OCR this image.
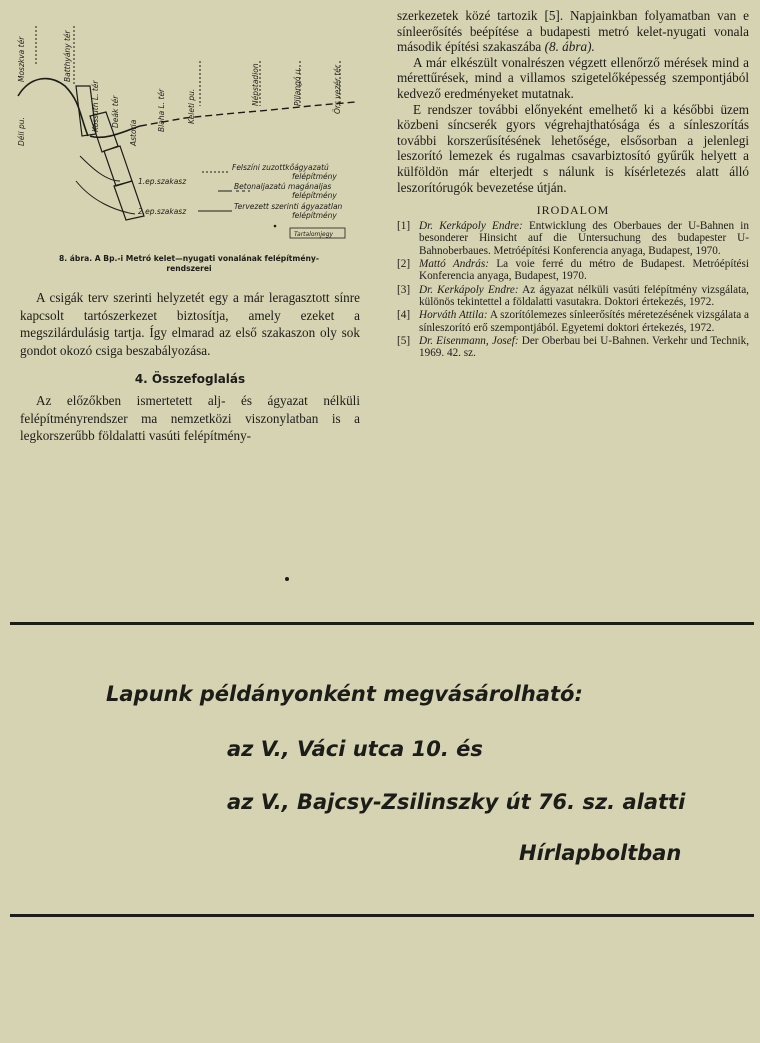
Déli pu.
Moszkva tér	Batthyány tér
Kossuth L. tér Deák tér
Astoria
Blaha L. tér	Keleti pu.
Népstadion	Pillangó u.	Örs vezér tér
1.ep.szakasz
2.ep.szakasz
Felszíni zuzottkőágyazatú
felépítmény
Betonaljazatú magánaljas
felépítmény
Tervezett szerinti ágyazatlan
felépítmény
Tartalomjegy
8. ábra. A Bp.-i Metró kelet—nyugati vonalának felépítmény-
rendszerei

A csigák terv szerinti helyzetét egy a már leragasztott sínre kapcsolt tartószerkezet biztosítja, amely ezeket a megszilárdulásig tartja. Így elmarad az első szakaszon oly sok gondot okozó csiga beszabályozása.

4. Összefoglalás

Az előzőkben ismertetett alj- és ágyazat nélküli felépítményrendszer ma nemzetközi viszonylatban is a legkorszerűbb földalatti vasúti felépítmény-

szerkezetek közé tartozik [5]. Napjainkban folyamatban van e sínleerősítés beépítése a budapesti metró kelet-nyugati vonala második építési szakaszába (8. ábra).

A már elkészült vonalrészen végzett ellenőrző mérések mind a mérettűrések, mind a villamos szigetelőképesség szempontjából kedvező eredményeket mutatnak.

E rendszer további előnyeként emelhető ki a későbbi üzem közbeni síncserék gyors végrehajthatósága és a sínleszorítás további korszerűsítésének lehetősége, elsősorban a jelenlegi leszorító lemezek és rugalmas csavarbiztosító gyűrűk helyett a külföldön már elterjedt s nálunk is kísérletezés alatt álló leszorítórugók bevezetése útján.

IRODALOM
[1] Dr. Kerkápoly Endre: Entwicklung des Oberbaues der U-Bahnen in besonderer Hinsicht auf die Untersuchung des budapester U-Bahnoberbaues. Metróépítési Konferencia anyaga, Budapest, 1970.
[2] Mattó András: La voie ferré du métro de Budapest. Metróépítési Konferencia anyaga, Budapest, 1970.
[3] Dr. Kerkápoly Endre: Az ágyazat nélküli vasúti felépítmény vizsgálata, különös tekintettel a földalatti vasutakra. Doktori értekezés, 1972.
[4] Horváth Attila: A szorítólemezes sínleerősítés méretezésének vizsgálata a sínleszorító erő szempontjából. Egyetemi doktori értekezés, 1972.
[5] Dr. Eisenmann, Josef: Der Oberbau bei U-Bahnen. Verkehr und Technik, 1969. 42. sz.
Lapunk példányonként megvásárolható:
az V., Váci utca 10. és
az V., Bajcsy-Zsilinszky út 76. sz. alatti
Hírlapboltban
